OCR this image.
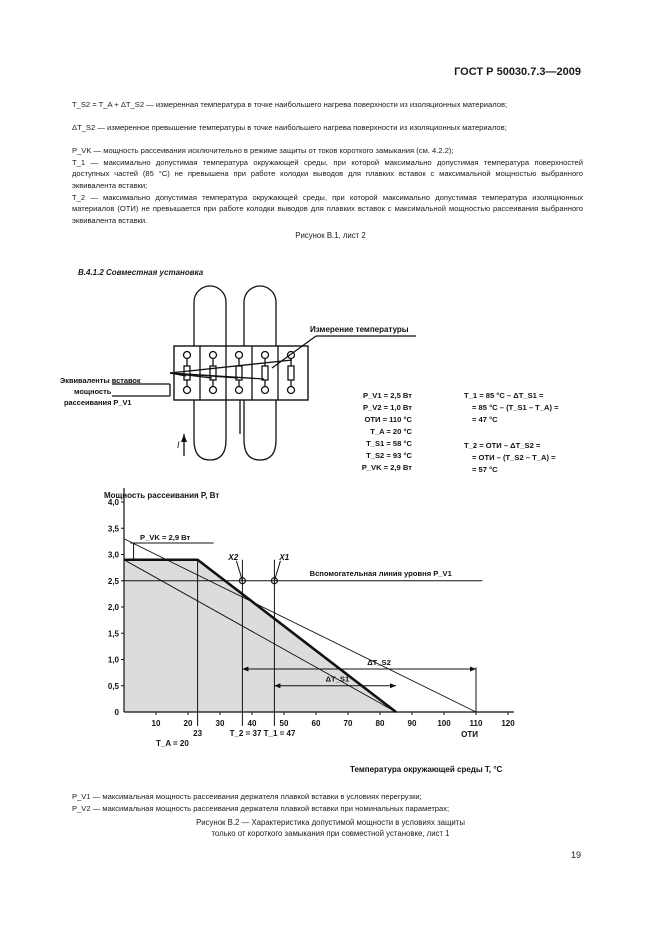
ГОСТ Р 50030.7.3—2009
T_S2 = T_A + ΔT_S2 — измеренная температура в точке наибольшего нагрева поверхности из изоляционных материалов;
ΔT_S2 — измеренное превышение температуры в точке наибольшего нагрева поверхности из изоляционных материалов;
P_VK — мощность рассеивания исключительно в режиме защиты от токов короткого замыкания (см. 4.2.2);
T_1 — максимально допустимая температура окружающей среды, при которой максимально допустимая температура поверхностей доступных частей (85 °C) не превышена при работе колодки выводов для плавких вставок с максимальной мощностью выбранного эквивалента вставки;
T_2 — максимально допустимая температура окружающей среды, при которой максимально допустимая температура изоляционных материалов (ОТИ) не превышается при работе колодки выводов для плавких вставок с максимальной мощностью рассеивания выбранного эквивалента вставки.
Рисунок B.1, лист 2
B.4.1.2 Совместная установка
Измерение температуры
Эквиваленты вставок
мощность
рассеивания P_V1
I
P_V1 = 2,5 Вт
P_V2 = 1,0 Вт
ОТИ = 110 °С
T_A = 20 °С
T_S1 = 58 °С
T_S2 = 93 °С
P_VK = 2,9 Вт
T_1 = 85 °С – ΔT_S1 =
= 85 °С – (T_S1 – T_A) =
= 47 °С
T_2 = ОТИ – ΔT_S2 =
= ОТИ – (T_S2 – T_A) =
= 57 °С
Мощность рассеивания P, Вт
10	20	30	40	50	60	70	80	90	100 110 120
0,5
1,0
1,5
2,0
2,5
3,0
3,5
4,0
0
Вспомогательная линия уровня P_V1
P_VK = 2,9 Вт
X2	X1
ΔT_S2
ΔT_S1
23
T_A = 20
T_2 = 37 T_1 = 47	ОТИ
Температура окружающей среды T, °С
P_V1 — максимальная мощность рассеивания держателя плавкой вставки в условиях перегрузки;
P_V2 — максимальная мощность рассеивания держателя плавкой вставки при номинальных параметрах;
Рисунок B.2 — Характеристика допустимой мощности в условиях защиты
только от короткого замыкания при совместной установке, лист 1
19
